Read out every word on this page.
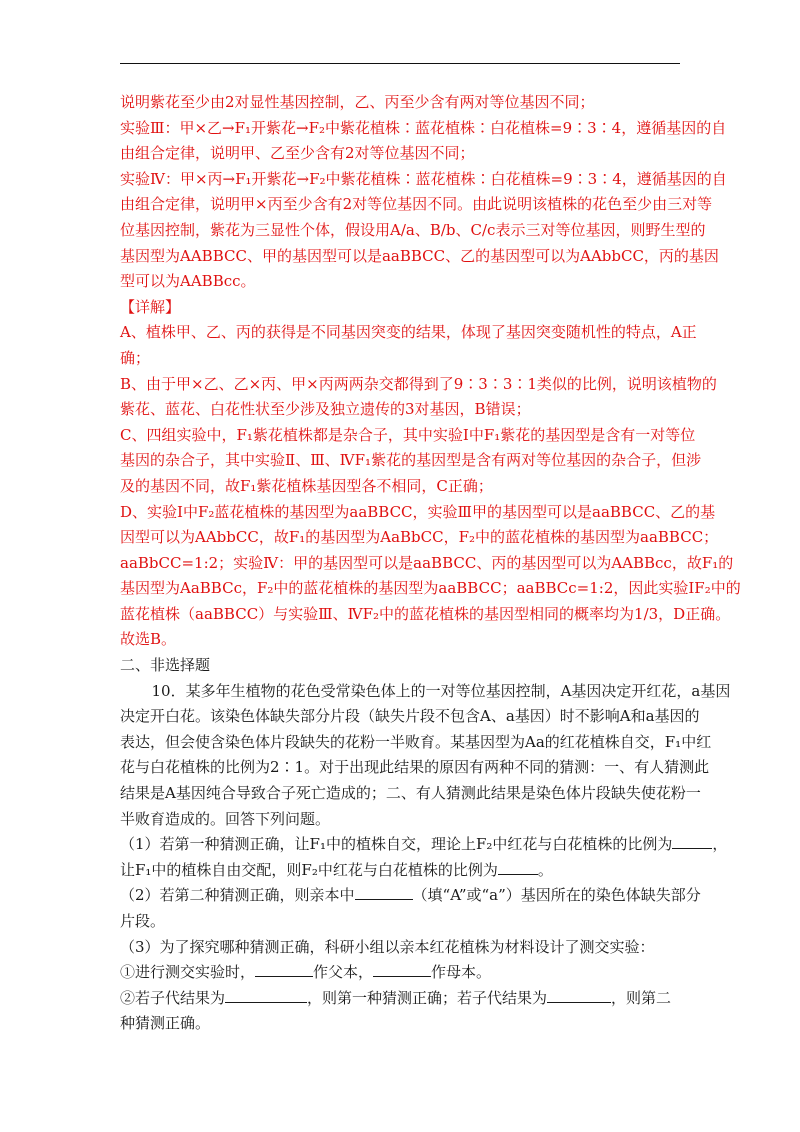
说明紫花至少由2对显性基因控制，乙、丙至少含有两对等位基因不同；
实验Ⅲ：甲×乙→F₁开紫花→F₂中紫花植株∶蓝花植株∶白花植株=9∶3∶4，遵循基因的自
由组合定律，说明甲、乙至少含有2对等位基因不同；
实验Ⅳ：甲×丙→F₁开紫花→F₂中紫花植株∶蓝花植株∶白花植株=9∶3∶4，遵循基因的自
由组合定律，说明甲×丙至少含有2对等位基因不同。由此说明该植株的花色至少由三对等
位基因控制，紫花为三显性个体，假设用A/a、B/b、C/c表示三对等位基因，则野生型的
基因型为AABBCC、甲的基因型可以是aaBBCC、乙的基因型可以为AAbbCC，丙的基因
型可以为AABBcc。
【详解】
A、植株甲、乙、丙的获得是不同基因突变的结果，体现了基因突变随机性的特点，A正
确；
B、由于甲×乙、乙×丙、甲×丙两两杂交都得到了9∶3∶3∶1类似的比例，说明该植物的
紫花、蓝花、白花性状至少涉及独立遗传的3对基因，B错误；
C、四组实验中，F₁紫花植株都是杂合子，其中实验Ⅰ中F₁紫花的基因型是含有一对等位
基因的杂合子，其中实验Ⅱ、Ⅲ、ⅣF₁紫花的基因型是含有两对等位基因的杂合子，但涉
及的基因不同，故F₁紫花植株基因型各不相同，C正确；
D、实验Ⅰ中F₂蓝花植株的基因型为aaBBCC，实验Ⅲ甲的基因型可以是aaBBCC、乙的基
因型可以为AAbbCC，故F₁的基因型为AaBbCC，F₂中的蓝花植株的基因型为aaBBCC；
aaBbCC=1:2；实验Ⅳ：甲的基因型可以是aaBBCC、丙的基因型可以为AABBcc，故F₁的
基因型为AaBBCc，F₂中的蓝花植株的基因型为aaBBCC；aaBBCc=1:2，因此实验ⅠF₂中的
蓝花植株（aaBBCC）与实验Ⅲ、ⅣF₂中的蓝花植株的基因型相同的概率均为1/3，D正确。
故选B。
二、非选择题
10．某多年生植物的花色受常染色体上的一对等位基因控制，A基因决定开红花，a基因
决定开白花。该染色体缺失部分片段（缺失片段不包含A、a基因）时不影响A和a基因的
表达，但会使含染色体片段缺失的花粉一半败育。某基因型为Aa的红花植株自交，F₁中红
花与白花植株的比例为2∶1。对于出现此结果的原因有两种不同的猜测：一、有人猜测此
结果是A基因纯合导致合子死亡造成的；二、有人猜测此结果是染色体片段缺失使花粉一
半败育造成的。回答下列问题。
（1）若第一种猜测正确，让F₁中的植株自交，理论上F₂中红花与白花植株的比例为	，
让F₁中的植株自由交配，则F₂中红花与白花植株的比例为	。
（2）若第二种猜测正确，则亲本中	（填“A”或“a”）基因所在的染色体缺失部分
片段。
（3）为了探究哪种猜测正确，科研小组以亲本红花植株为材料设计了测交实验：
①进行测交实验时，	作父本，	作母本。
②若子代结果为	，则第一种猜测正确；若子代结果为	，则第二
种猜测正确。
